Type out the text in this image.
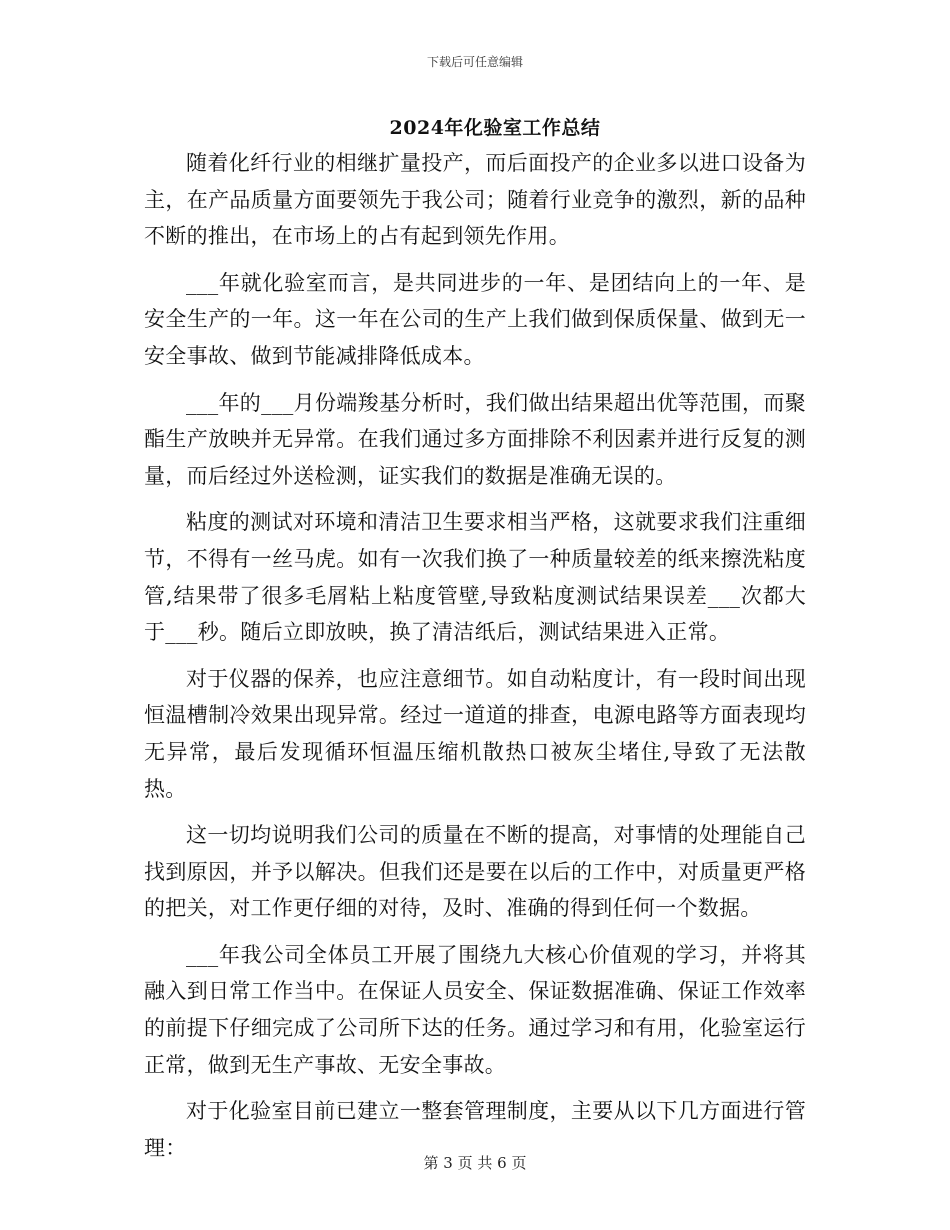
下载后可任意编辑
2024年化验室工作总结

随着化纤行业的相继扩量投产，而后面投产的企业多以进口设备为主，在产品质量方面要领先于我公司；随着行业竞争的激烈，新的品种不断的推出，在市场上的占有起到领先作用。

___年就化验室而言，是共同进步的一年、是团结向上的一年、是安全生产的一年。这一年在公司的生产上我们做到保质保量、做到无一安全事故、做到节能减排降低成本。

___年的___月份端羧基分析时，我们做出结果超出优等范围，而聚酯生产放映并无异常。在我们通过多方面排除不利因素并进行反复的测量，而后经过外送检测，证实我们的数据是准确无误的。

粘度的测试对环境和清洁卫生要求相当严格，这就要求我们注重细节，不得有一丝马虎。如有一次我们换了一种质量较差的纸来擦洗粘度管,结果带了很多毛屑粘上粘度管壁,导致粘度测试结果误差___次都大于___秒。随后立即放映，换了清洁纸后，测试结果进入正常。

对于仪器的保养，也应注意细节。如自动粘度计，有一段时间出现恒温槽制冷效果出现异常。经过一道道的排查，电源电路等方面表现均无异常，最后发现循环恒温压缩机散热口被灰尘堵住,导致了无法散热。

这一切均说明我们公司的质量在不断的提高，对事情的处理能自己找到原因，并予以解决。但我们还是要在以后的工作中，对质量更严格的把关，对工作更仔细的对待，及时、准确的得到任何一个数据。

___年我公司全体员工开展了围绕九大核心价值观的学习，并将其融入到日常工作当中。在保证人员安全、保证数据准确、保证工作效率的前提下仔细完成了公司所下达的任务。通过学习和有用，化验室运行正常，做到无生产事故、无安全事故。

对于化验室目前已建立一整套管理制度，主要从以下几方面进行管理：

第 3 页 共 6 页
